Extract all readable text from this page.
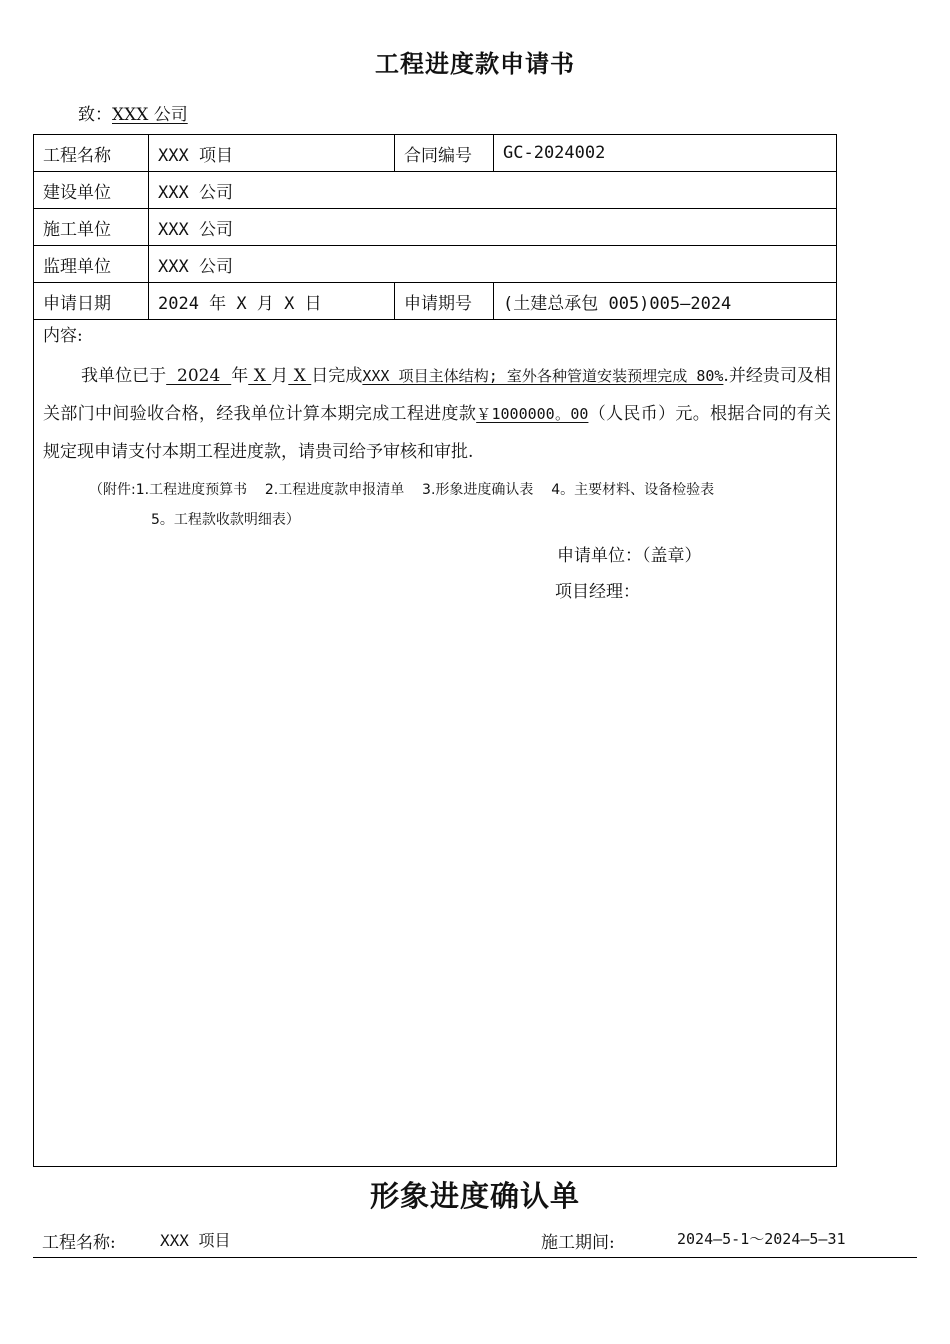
工程进度款申请书
致：XXX 公司
工程名称	XXX 项目	合同编号 GC-2024002
建设单位	XXX 公司
施工单位	XXX 公司
监理单位	XXX 公司
申请日期	2024 年 X 月 X 日	申请期号 (土建总承包 005)005—2024
内容:
我单位已于  2024  年 X 月 X 日完成XXX 项目主体结构; 室外各种管道安装预埋完成 80%.并经贵司及相关部门中间验收合格，经我单位计算本期完成工程进度款￥1000000。00（人民币）元。根据合同的有关规定现申请支付本期工程进度款，请贵司给予审核和审批.
（附件:1.工程进度预算书    2.工程进度款申报清单    3.形象进度确认表    4。主要材料、设备检验表
5。工程款收款明细表）
申请单位：（盖章）
项目经理：
形象进度确认单
工程名称:	XXX 项目	施工期间:	2024—5-1～2024—5—31
